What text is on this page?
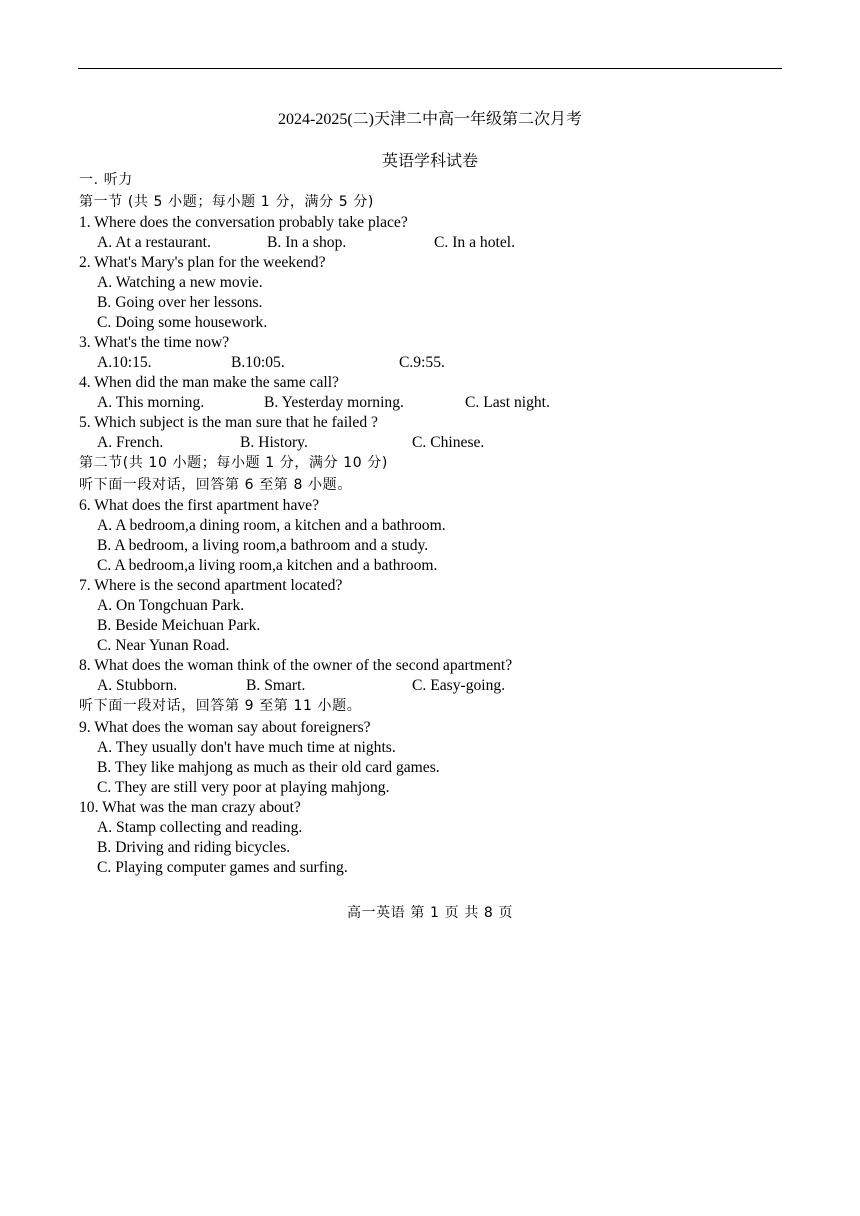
2024-2025(二)天津二中高一年级第二次月考
英语学科试卷
一. 听力
第一节 (共 5 小题；每小题 1 分，满分 5 分)
1. Where does the conversation probably take place?
A. At a restaurant.	B. In a shop.	C. In a hotel.
2. What's Mary's plan for the weekend?
A. Watching a new movie.
B. Going over her lessons.
C. Doing some housework.
3. What's the time now?
A.10:15.	B.10:05.	C.9:55.
4. When did the man make the same call?
A. This morning.	B. Yesterday morning.	C. Last night.
5. Which subject is the man sure that he failed ?
A. French.	B. History.	C. Chinese.
第二节(共 10 小题；每小题 1 分，满分 10 分)
听下面一段对话，回答第 6 至第 8 小题。
6. What does the first apartment have?
A. A bedroom,a dining room, a kitchen and a bathroom.
B. A bedroom, a living room,a bathroom and a study.
C. A bedroom,a living room,a kitchen and a bathroom.
7. Where is the second apartment located?
A. On Tongchuan Park.
B. Beside Meichuan Park.
C. Near Yunan Road.
8. What does the woman think of the owner of the second apartment?
A. Stubborn.	B. Smart.	C. Easy-going.
听下面一段对话，回答第 9 至第 11 小题。
9. What does the woman say about foreigners?
A. They usually don't have much time at nights.
B. They like mahjong as much as their old card games.
C. They are still very poor at playing mahjong.
10. What was the man crazy about?
A. Stamp collecting and reading.
B. Driving and riding bicycles.
C. Playing computer games and surfing.
高一英语 第 1 页 共 8 页
